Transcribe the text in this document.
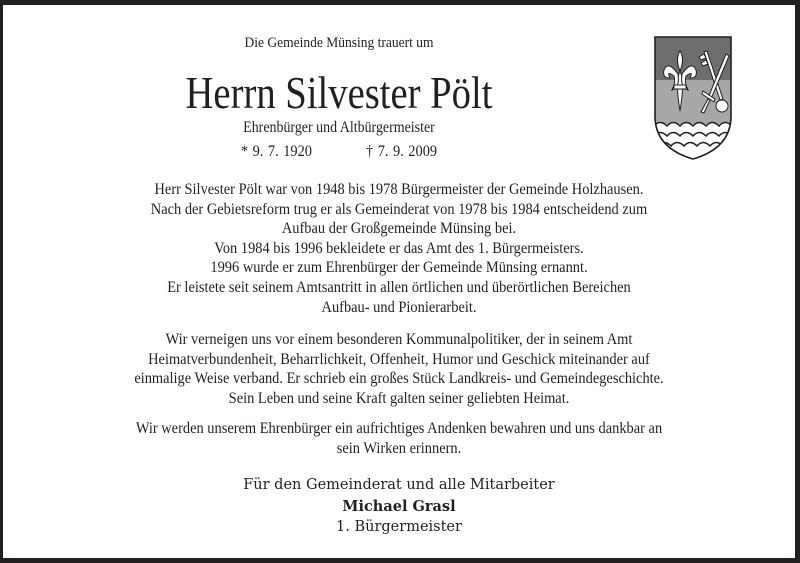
Die Gemeinde Münsing trauert um
Herrn Silvester Pölt
Ehrenbürger und Altbürgermeister
* 9. 7. 1920	† 7. 9. 2009
Herr Silvester Pölt war von 1948 bis 1978 Bürgermeister der Gemeinde Holzhausen.
Nach der Gebietsreform trug er als Gemeinderat von 1978 bis 1984 entscheidend zum
Aufbau der Großgemeinde Münsing bei.
Von 1984 bis 1996 bekleidete er das Amt des 1. Bürgermeisters.
1996 wurde er zum Ehrenbürger der Gemeinde Münsing ernannt.
Er leistete seit seinem Amtsantritt in allen örtlichen und überörtlichen Bereichen
Aufbau- und Pionierarbeit.
Wir verneigen uns vor einem besonderen Kommunalpolitiker, der in seinem Amt
Heimatverbundenheit, Beharrlichkeit, Offenheit, Humor und Geschick miteinander auf
einmalige Weise verband. Er schrieb ein großes Stück Landkreis- und Gemeindegeschichte.
Sein Leben und seine Kraft galten seiner geliebten Heimat.
Wir werden unserem Ehrenbürger ein aufrichtiges Andenken bewahren und uns dankbar an
sein Wirken erinnern.
Für den Gemeinderat und alle Mitarbeiter
Michael Grasl
1. Bürgermeister
